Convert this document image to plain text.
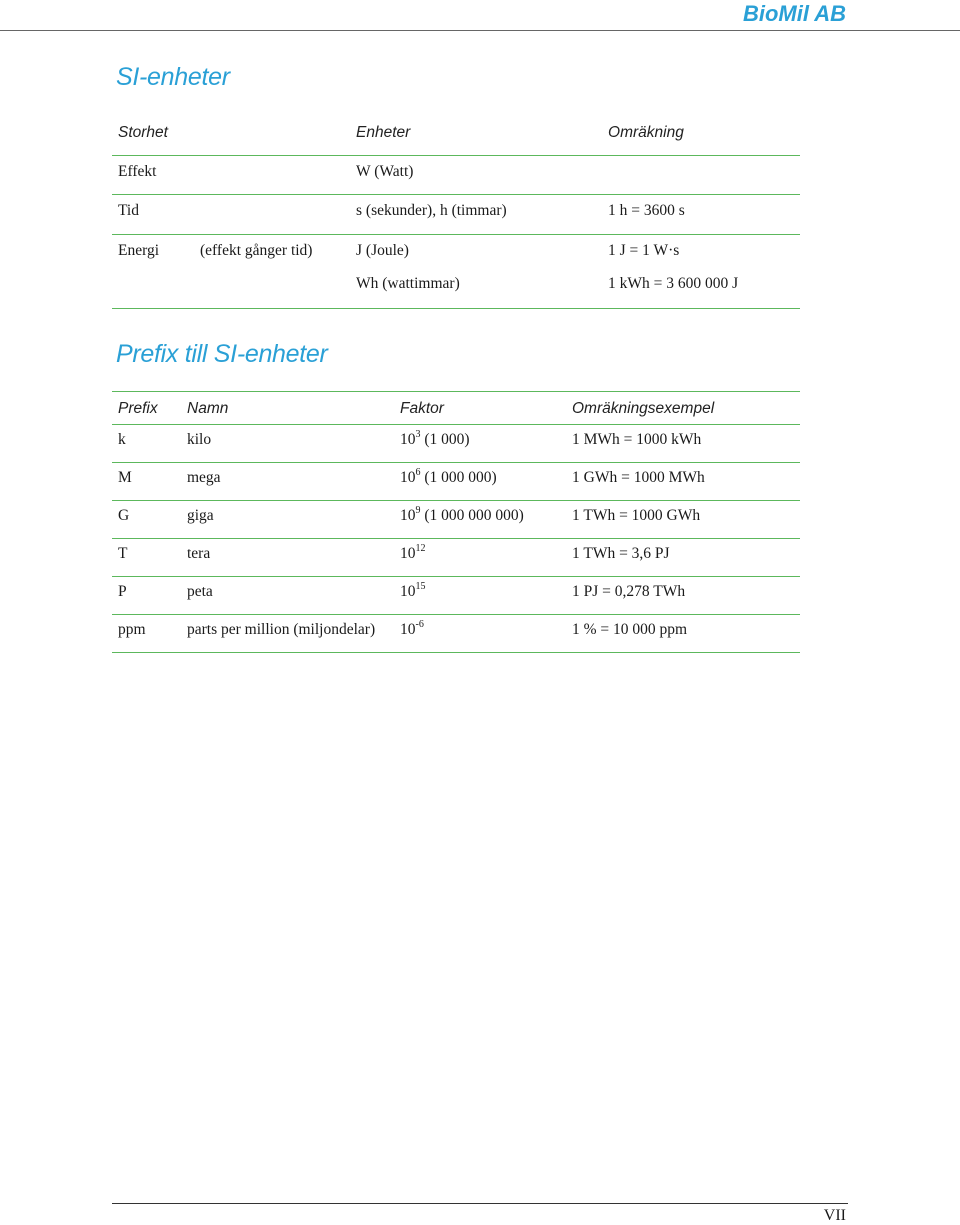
BioMil AB
SI-enheter
Storhet		Enheter	Omräkning
Effekt		W (Watt)	
Tid		s (sekunder), h (timmar)	1 h = 3600 s
Energi	(effekt gånger tid)	J (Joule)	1 J = 1 W·s
		Wh (wattimmar)	1 kWh = 3 600 000 J
Prefix till SI-enheter
Prefix	Namn	Faktor	Omräkningsexempel
k	kilo	$10^3$ (1 000)	1 MWh = 1000 kWh
M	mega	$10^6$ (1 000 000)	1 GWh = 1000 MWh
G	giga	$10^9$ (1 000 000 000)	1 TWh = 1000 GWh
T	tera	$10^{12}$	1 TWh = 3,6 PJ
P	peta	$10^{15}$	1 PJ = 0,278 TWh
ppm	parts per million (miljondelar)	$10^{-6}$	1 % = 10 000 ppm
VII
